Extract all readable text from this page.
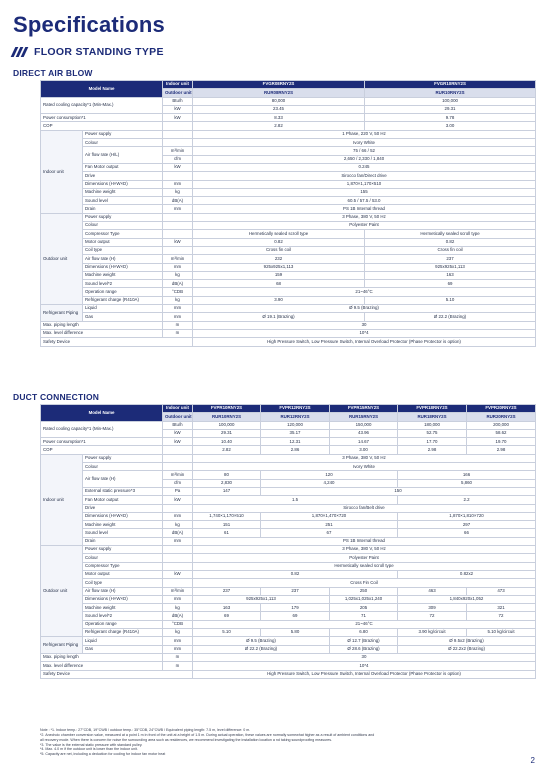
Specifications
FLOOR STANDING TYPE
DIRECT AIR BLOW
Model Name		Indoor unit	FVGR08RNY2S	FVGR10RNY2S
		Outdoor unit	RUR08RNY2S	RUR10RNY2S
Rated cooling capacity*1 (Min-Max.)		Btu/h	80,000	100,000
		kW	23.45	29.31
Power consumption*1		kW	8.33	9.78
COP			2.82	3.00
Indoor unit	Power supply		1 Phase, 220 V, 50 Hz	
	Colour		Ivory White	
	Air flow rate (H/L)	m³/min	75 / 66 / 52	
		cfm	2,650 / 2,330 / 1,840	
	Fan Motor output	kW	0.245	
	Drive		Sirocco fan/Direct drive	
	Dimensions (H×W×D)	mm	1,870×1,170×510	
	Machine weight	kg	155	
	Sound level	dB(A)	60.5 / 57.5 / 53.0	
	Drain	mm	PS 1B Internal thread	
Outdoor unit	Power supply		3 Phase, 380 V, 50 Hz	
	Colour		Polyester Paint	
	Compressor Type		Hermetically sealed scroll type	Hermetically sealed scroll type
	Motor output	kW	0.82	0.82
	Coil type		Cross fin coil	Cross fin coil
	Air flow rate (H)	m³/min	232	237
	Dimensions (H×W×D)	mm	925x925x1,113	925x925x1,113
	Machine weight	kg	159	163
	Sound level*2	dB(A)	68	69
	Operation range	°CDB	21~46°C	
	Refrigerant charge (R410A)	kg	3.90	5.10
Refrigerant Piping	Liquid	mm	Ø 9.5 (Brazing)	
	Gas	mm	Ø 19.1 (Brazing)	Ø 22.2 (Brazing)
Max. piping length		m	30	
Max. level difference		m	10*4	
Safety Device			High Pressure Switch, Low Pressure Switch, Internal Overload Protector (Phase Protector is option)	
DUCT CONNECTION
Model Name		Indoor unit	FVPR10RNY2S	FVPR12RNY2S	FVPR15RNY2S	FVPR18RNY2S	FVPR20RNY2S
		Outdoor unit	RUR10RNY2S	RUR12RNY2S	RUR15RNY2S	RUR18RNY2S	RUR20RNY2S
Rated cooling capacity*1 (Min-Max.)		Btu/h	100,000	120,000	150,000	180,000	200,000
		kW	29.31	35.17	43.96	52.75	58.62
Power consumption*1		kW	10.40	12.31	14.67	17.70	19.70
COP			2.82	2.86	3.00	2.98	2.98
Indoor unit	Power supply		3 Phase, 380 V, 50 Hz				
	Colour		Ivory White				
	Air flow rate (H)	m³/min	80	120		166	
		cfm	2,830	4,240		5,860	
	External static pressure*3	Pa	147	150			
	Fan Motor output	kW	1.5			2.2	
	Drive		Sirocco fan/Belt drive				
	Dimensions (H×W×D)	mm	1,740×1,170×510	1,870×1,470×720		1,870×1,810×720	
	Machine weight	kg	151	251		297	
	Sound level	dB(A)	61	67		66	
	Drain	mm	PS 1B Internal thread				
Outdoor unit	Power supply		3 Phase, 380 V, 50 Hz				
	Colour		Polyester Paint				
	Compressor Type		Hermetically sealed scroll type				
	Motor output	kW	0.82			0.82x2	
	Coil type		Cross Fin Coil				
	Air flow rate (H)	m³/min	237	237	250	463	473
	Dimensions (H×W×D)	mm	925x925x1,113		1,025x1,025x1,240	1,840x920x1,052	
	Machine weight	kg	163	179	205	309	321
	Sound level*2	dB(A)	69	69	71	72	72
	Operation range	°CDB	21~46°C				
	Refrigerant charge (R410A)	kg	5.10	5.80	6.80	3.90 kg/circuit	5.10 kg/circuit
Refrigerant Piping	Liquid	mm	Ø 9.5 (Brazing)		Ø 12.7 (Brazing)	Ø 9.5x2 (Brazing)	
	Gas	mm	Ø 22.2 (Brazing)		Ø 28.6 (Brazing)	Ø 22.2x2 (Brazing)	
Max. piping length		m	30				
Max. level difference		m	10*4				
Safety Device			High Pressure Switch, Low Pressure Switch, Internal Overload Protector (Phase Protector is option)				
Note : *1. Indoor temp.: 27°CDB, 19°CWB / outdoor temp.: 35°CDB, 24°CWB / Equivalent piping length: 7.5 m, level difference: 0 m.
*2. Anechoic chamber conversion value, measured at a point 1 m in front of the unit at a height of 1.5 m. During actual operation, these values are normally somewhat higher as a result of ambient conditions and
all recovery mode. When there is concern for noise the surrounding area such as residences, we recommend investigating the installation location a nd taking soundproofing measures.
*3. The value is the external static pressure with standard pulley.
*4. Max. 4.0 m if the outdoor unit is lower than the indoor unit.
*5. Capacity are net, including a deduction for cooling for indoor fan motor heat
2
